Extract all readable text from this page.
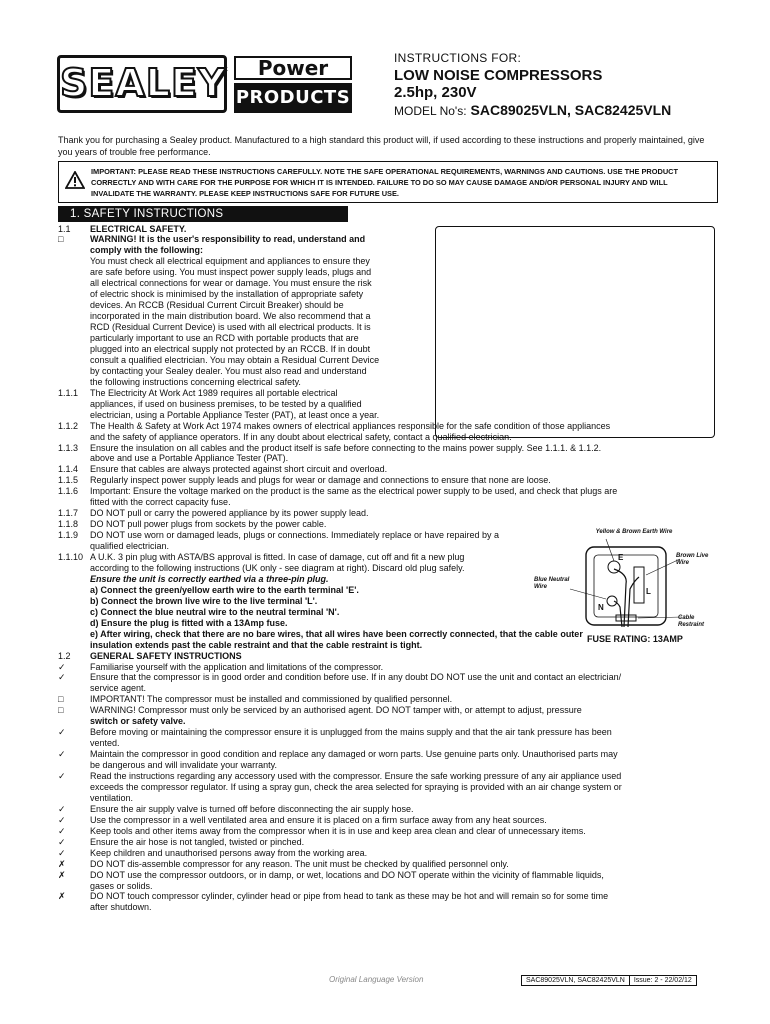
SEALEY	Power
PRODUCTS
INSTRUCTIONS FOR:
LOW NOISE COMPRESSORS
2.5hp, 230V
MODEL No's: SAC89025VLN, SAC82425VLN
Thank you for purchasing a Sealey product. Manufactured to a high standard this product will, if used according to these instructions and properly maintained, give you years of trouble free performance.
IMPORTANT: PLEASE READ THESE INSTRUCTIONS CAREFULLY. NOTE THE SAFE OPERATIONAL REQUIREMENTS, WARNINGS AND CAUTIONS. USE THE PRODUCT CORRECTLY AND WITH CARE FOR THE PURPOSE FOR WHICH IT IS INTENDED. FAILURE TO DO SO MAY CAUSE DAMAGE AND/OR PERSONAL INJURY AND WILL INVALIDATE THE WARRANTY. PLEASE KEEP INSTRUCTIONS SAFE FOR FUTURE USE.
1. SAFETY INSTRUCTIONS
Yellow & Brown Earth Wire
Brown Live Wire
Blue Neutral Wire
Cable Restraint
E
L
N
FUSE RATING: 13AMP
1.1 ELECTRICAL SAFETY.
□	WARNING! It is the user's responsibility to read, understand and
comply with the following:
You must check all electrical equipment and appliances to ensure they
are safe before using. You must inspect power supply leads, plugs and
all electrical connections for wear or damage. You must ensure the risk
of electric shock is minimised by the installation of appropriate safety
devices. An RCCB (Residual Current Circuit Breaker) should be
incorporated in the main distribution board. We also recommend that a
RCD (Residual Current Device) is used with all electrical products. It is
particularly important to use an RCD with portable products that are
plugged into an electrical supply not protected by an RCCB. If in doubt
consult a qualified electrician. You may obtain a Residual Current Device
by contacting your Sealey dealer. You must also read and understand
the following instructions concerning electrical safety.
1.1.1 The Electricity At Work Act 1989 requires all portable electrical
appliances, if used on business premises, to be tested by a qualified
electrician, using a Portable Appliance Tester (PAT), at least once a year.
1.1.2 The Health & Safety at Work Act 1974 makes owners of electrical appliances responsible for the safe condition of those appliances
and the safety of appliance operators. If in any doubt about electrical safety, contact a qualified electrician.
1.1.3 Ensure the insulation on all cables and the product itself is safe before connecting to the mains power supply. See 1.1.1. & 1.1.2.
above and use a Portable Appliance Tester (PAT).
1.1.4 Ensure that cables are always protected against short circuit and overload.
1.1.5 Regularly inspect power supply leads and plugs for wear or damage and connections to ensure that none are loose.
1.1.6 Important: Ensure the voltage marked on the product is the same as the electrical power supply to be used, and check that plugs are
fitted with the correct capacity fuse.
1.1.7 DO NOT pull or carry the powered appliance by its power supply lead.
1.1.8 DO NOT pull power plugs from sockets by the power cable.
1.1.9 DO NOT use worn or damaged leads, plugs or connections. Immediately replace or have repaired by a
qualified electrician.
1.1.10 A U.K. 3 pin plug with ASTA/BS approval is fitted. In case of damage, cut off and fit a new plug
according to the following instructions (UK only - see diagram at right). Discard old plug safely.
Ensure the unit is correctly earthed via a three-pin plug.
a) Connect the green/yellow earth wire to the earth terminal 'E'.
b) Connect the brown live wire to the live terminal 'L'.
c) Connect the blue neutral wire to the neutral terminal 'N'.
d) Ensure the plug is fitted with a 13Amp fuse.
e) After wiring, check that there are no bare wires, that all wires have been correctly connected, that the cable outer
insulation extends past the cable restraint and that the cable restraint is tight.
1.2 GENERAL SAFETY INSTRUCTIONS
✓	Familiarise yourself with the application and limitations of the compressor.
✓	Ensure that the compressor is in good order and condition before use. If in any doubt DO NOT use the unit and contact an electrician/
service agent.
□	IMPORTANT! The compressor must be installed and commissioned by qualified personnel.
□	WARNING! Compressor must only be serviced by an authorised agent. DO NOT tamper with, or attempt to adjust, pressure
switch or safety valve.
✓	Before moving or maintaining the compressor ensure it is unplugged from the mains supply and that the air tank pressure has been
vented.
✓	Maintain the compressor in good condition and replace any damaged or worn parts. Use genuine parts only. Unauthorised parts may
be dangerous and will invalidate your warranty.
✓	Read the instructions regarding any accessory used with the compressor. Ensure the safe working pressure of any air appliance used
exceeds the compressor regulator. If using a spray gun, check the area selected for spraying is provided with an air change system or
ventilation.
✓	Ensure the air supply valve is turned off before disconnecting the air supply hose.
✓	Use the compressor in a well ventilated area and ensure it is placed on a firm surface away from any heat sources.
✓	Keep tools and other items away from the compressor when it is in use and keep area clean and clear of unnecessary items.
✓	Ensure the air hose is not tangled, twisted or pinched.
✓	Keep children and unauthorised persons away from the working area.
✗	DO NOT dis-assemble compressor for any reason. The unit must be checked by qualified personnel only.
✗	DO NOT use the compressor outdoors, or in damp, or wet, locations and DO NOT operate within the vicinity of flammable liquids,
gases or solids.
✗	DO NOT touch compressor cylinder, cylinder head or pipe from head to tank as these may be hot and will remain so for some time
after shutdown.
Original Language Version	SAC89025VLN, SAC82425VLN	Issue: 2 - 22/02/12
